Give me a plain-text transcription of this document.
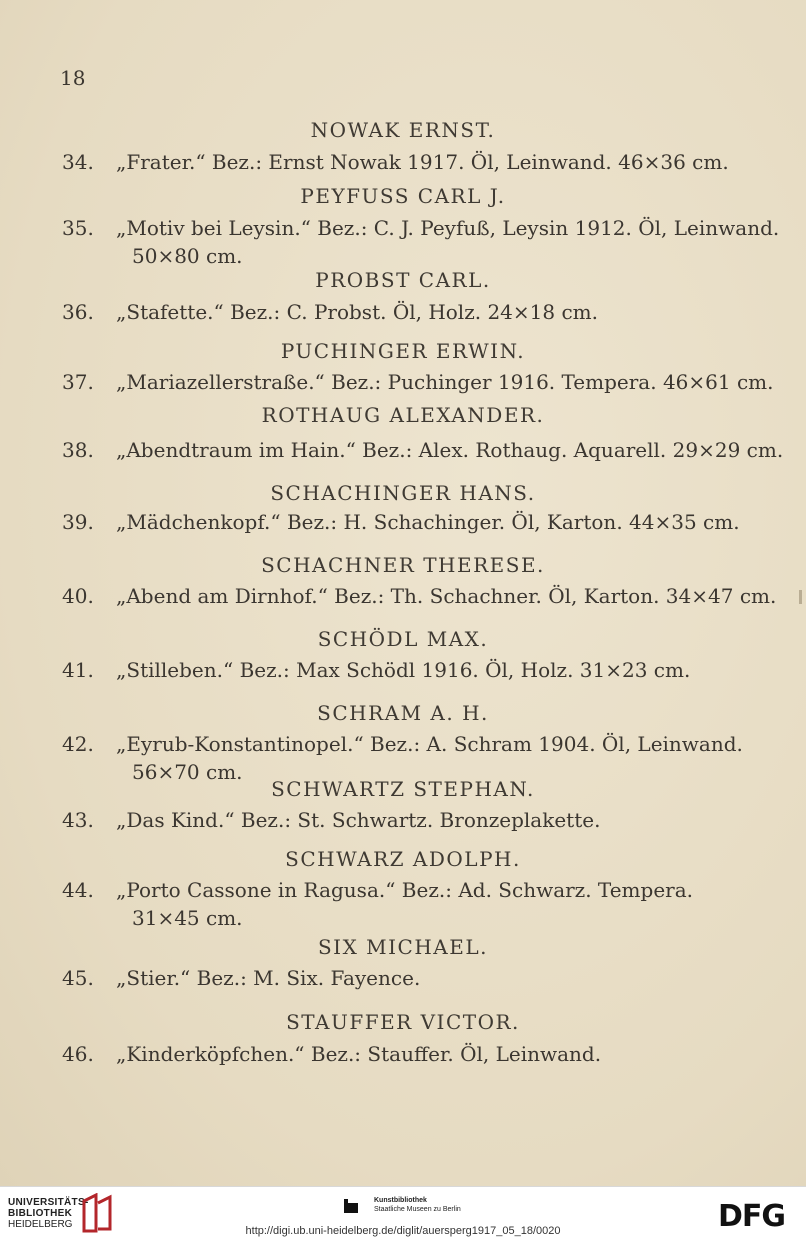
18
NOWAK ERNST.
34. „Frater.“ Bez.: Ernst Nowak 1917. Öl, Leinwand. 46×36 cm.
PEYFUSS CARL J.
35. „Motiv bei Leysin.“ Bez.: C. J. Peyfuß, Leysin 1912. Öl, Leinwand.
50×80 cm.
PROBST CARL.
36. „Stafette.“ Bez.: C. Probst. Öl, Holz. 24×18 cm.
PUCHINGER ERWIN.
37. „Mariazellerstraße.“ Bez.: Puchinger 1916. Tempera. 46×61 cm.
ROTHAUG ALEXANDER.
38. „Abendtraum im Hain.“ Bez.: Alex. Rothaug. Aquarell. 29×29 cm.
SCHACHINGER HANS.
39. „Mädchenkopf.“ Bez.: H. Schachinger. Öl, Karton. 44×35 cm.
SCHACHNER THERESE.
40. „Abend am Dirnhof.“ Bez.: Th. Schachner. Öl, Karton. 34×47 cm.
SCHÖDL MAX.
41. „Stilleben.“ Bez.: Max Schödl 1916. Öl, Holz. 31×23 cm.
SCHRAM A. H.
42. „Eyrub-Konstantinopel.“ Bez.: A. Schram 1904. Öl, Leinwand.
56×70 cm.
SCHWARTZ STEPHAN.
43. „Das Kind.“ Bez.: St. Schwartz. Bronzeplakette.
SCHWARZ ADOLPH.
44. „Porto Cassone in Ragusa.“ Bez.: Ad. Schwarz. Tempera.
31×45 cm.
SIX MICHAEL.
45. „Stier.“ Bez.: M. Six. Fayence.
STAUFFER VICTOR.
46. „Kinderköpfchen.“ Bez.: Stauffer. Öl, Leinwand.
UNIVERSITÄTS-
BIBLIOTHEK
HEIDELBERG
Kunstbibliothek
Staatliche Museen zu Berlin	DFG
http://digi.ub.uni-heidelberg.de/diglit/auersperg1917_05_18/0020
